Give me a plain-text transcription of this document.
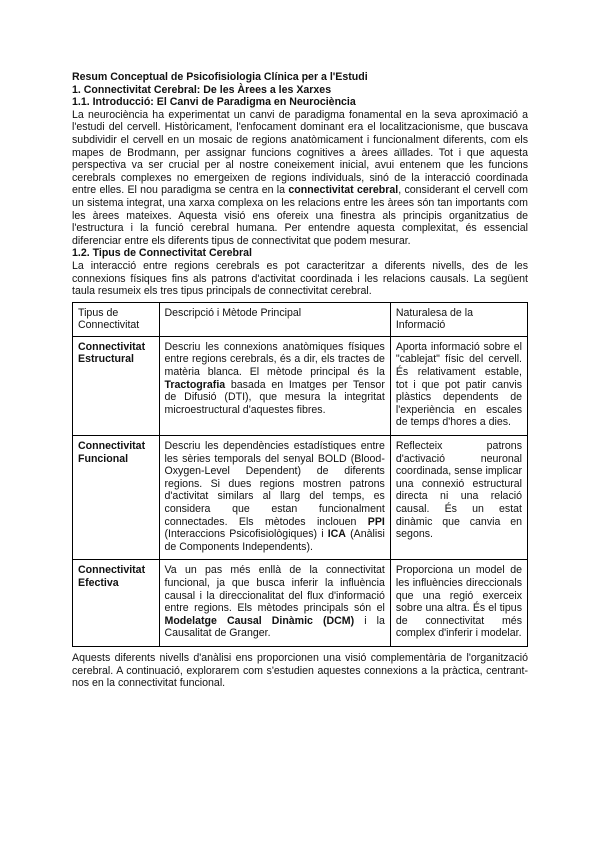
Resum Conceptual de Psicofisiologia Clínica per a l'Estudi
1. Connectivitat Cerebral: De les Àrees a les Xarxes
1.1. Introducció: El Canvi de Paradigma en Neurociència

La neurociència ha experimentat un canvi de paradigma fonamental en la seva aproximació a l'estudi del cervell. Històricament, l'enfocament dominant era el localitzacionisme, que buscava subdividir el cervell en un mosaic de regions anatòmicament i funcionalment diferents, com els mapes de Brodmann, per assignar funcions cognitives a àrees aïllades. Tot i que aquesta perspectiva va ser crucial per al nostre coneixement inicial, avui entenem que les funcions cerebrals complexes no emergeixen de regions individuals, sinó de la interacció coordinada entre elles. El nou paradigma se centra en la connectivitat cerebral, considerant el cervell com un sistema integrat, una xarxa complexa on les relacions entre les àrees són tan importants com les àrees mateixes. Aquesta visió ens ofereix una finestra als principis organitzatius de l'estructura i la funció cerebral humana. Per entendre aquesta complexitat, és essencial diferenciar entre els diferents tipus de connectivitat que podem mesurar.

1.2. Tipus de Connectivitat Cerebral

La interacció entre regions cerebrals es pot caracteritzar a diferents nivells, des de les connexions físiques fins als patrons d'activitat coordinada i les relacions causals. La següent taula resumeix els tres tipus principals de connectivitat cerebral.

Tipus de Connectivitat	Descripció i Mètode Principal	Naturalesa de la Informació
Connectivitat Estructural	Descriu les connexions anatòmiques físiques entre regions cerebrals, és a dir, els tractes de matèria blanca. El mètode principal és la Tractografia basada en Imatges per Tensor de Difusió (DTI), que mesura la integritat microestructural d'aquestes fibres.	Aporta informació sobre el "cablejat" físic del cervell. És relativament estable, tot i que pot patir canvis plàstics dependents de l'experiència en escales de temps d'hores a dies.
Connectivitat Funcional	Descriu les dependències estadístiques entre les sèries temporals del senyal BOLD (Blood-Oxygen-Level Dependent) de diferents regions. Si dues regions mostren patrons d'activitat similars al llarg del temps, es considera que estan funcionalment connectades. Els mètodes inclouen PPI (Interaccions Psicofisiològiques) i ICA (Anàlisi de Components Independents).	Reflecteix patrons d'activació neuronal coordinada, sense implicar una connexió estructural directa ni una relació causal. És un estat dinàmic que canvia en segons.
Connectivitat Efectiva	Va un pas més enllà de la connectivitat funcional, ja que busca inferir la influència causal i la direccionalitat del flux d'informació entre regions. Els mètodes principals són el Modelatge Causal Dinàmic (DCM) i la Causalitat de Granger.	Proporciona un model de les influències direccionals que una regió exerceix sobre una altra. És el tipus de connectivitat més complex d'inferir i modelar.

Aquests diferents nivells d'anàlisi ens proporcionen una visió complementària de l'organització cerebral. A continuació, explorarem com s'estudien aquestes connexions a la pràctica, centrant-nos en la connectivitat funcional.
